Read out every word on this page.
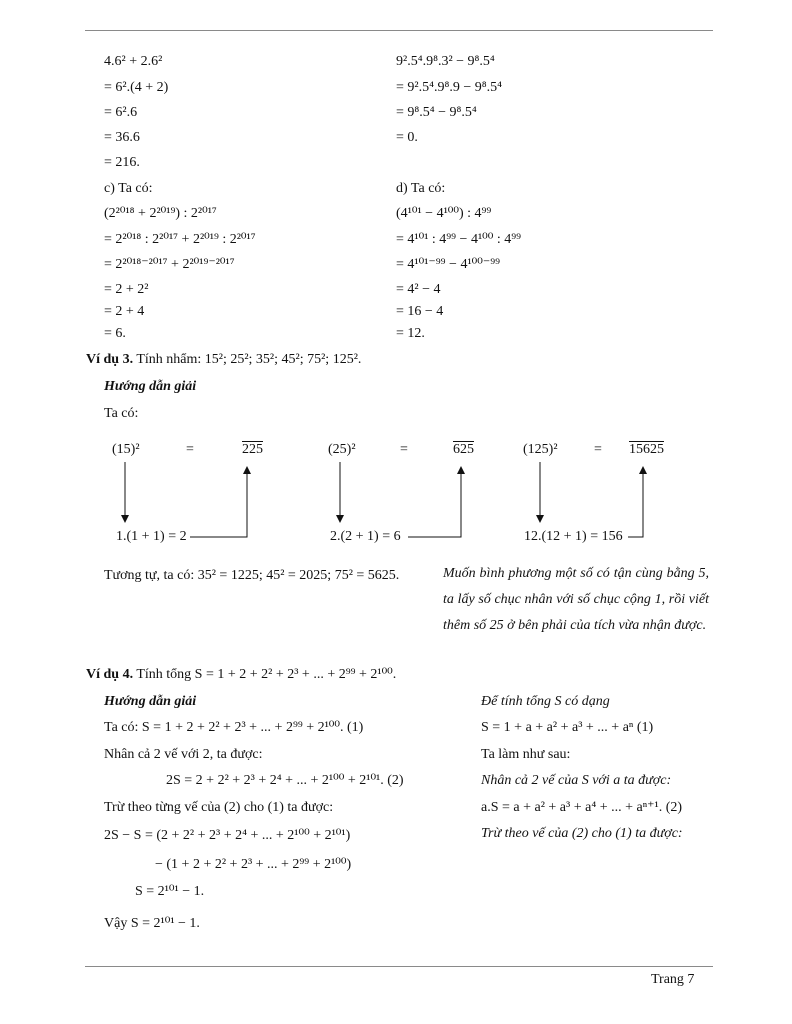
4.6² + 2.6²
= 6².(4 + 2)
= 6².6
= 36.6
= 216.
9².5⁴.9⁸.3² − 9⁸.5⁴
= 9².5⁴.9⁸.9 − 9⁸.5⁴
= 9⁸.5⁴ − 9⁸.5⁴
= 0.
c) Ta có:
(2²⁰¹⁸ + 2²⁰¹⁹) : 2²⁰¹⁷
= 2²⁰¹⁸ : 2²⁰¹⁷ + 2²⁰¹⁹ : 2²⁰¹⁷
= 2²⁰¹⁸⁻²⁰¹⁷ + 2²⁰¹⁹⁻²⁰¹⁷
= 2 + 2²
= 2 + 4
= 6.
d) Ta có:
(4¹⁰¹ − 4¹⁰⁰) : 4⁹⁹
= 4¹⁰¹ : 4⁹⁹ − 4¹⁰⁰ : 4⁹⁹
= 4¹⁰¹⁻⁹⁹ − 4¹⁰⁰⁻⁹⁹
= 4² − 4
= 16 − 4
= 12.
Ví dụ 3. Tính nhẩm: 15²; 25²; 35²; 45²; 75²; 125².
Hướng dẫn giải
Ta có:
(15)²	=	225
1.(1 + 1) = 2
(25)²	=	625
2.(2 + 1) = 6
(125)²	= 15625
12.(12 + 1) = 156
Tương tự, ta có: 35² = 1225; 45² = 2025; 75² = 5625.	Muốn bình phương một số có tận cùng bằng 5, ta lấy số chục nhân với số chục cộng 1, rồi viết thêm số 25 ở bên phải của tích vừa nhận được.
Ví dụ 4. Tính tổng S = 1 + 2 + 2² + 2³ + ... + 2⁹⁹ + 2¹⁰⁰.
Hướng dẫn giải
Ta có: S = 1 + 2 + 2² + 2³ + ... + 2⁹⁹ + 2¹⁰⁰. (1)
Nhân cả 2 vế với 2, ta được:
2S = 2 + 2² + 2³ + 2⁴ + ... + 2¹⁰⁰ + 2¹⁰¹. (2)
Trừ theo từng vế của (2) cho (1) ta được:
2S − S = (2 + 2² + 2³ + 2⁴ + ... + 2¹⁰⁰ + 2¹⁰¹)
− (1 + 2 + 2² + 2³ + ... + 2⁹⁹ + 2¹⁰⁰)
S = 2¹⁰¹ − 1.
Vậy S = 2¹⁰¹ − 1.
Để tính tổng S có dạng
S = 1 + a + a² + a³ + ... + aⁿ (1)
Ta làm như sau:
Nhân cả 2 vế của S với a ta được:
a.S = a + a² + a³ + a⁴ + ... + aⁿ⁺¹. (2)
Trừ theo vế của (2) cho (1) ta được:
Trang 7
